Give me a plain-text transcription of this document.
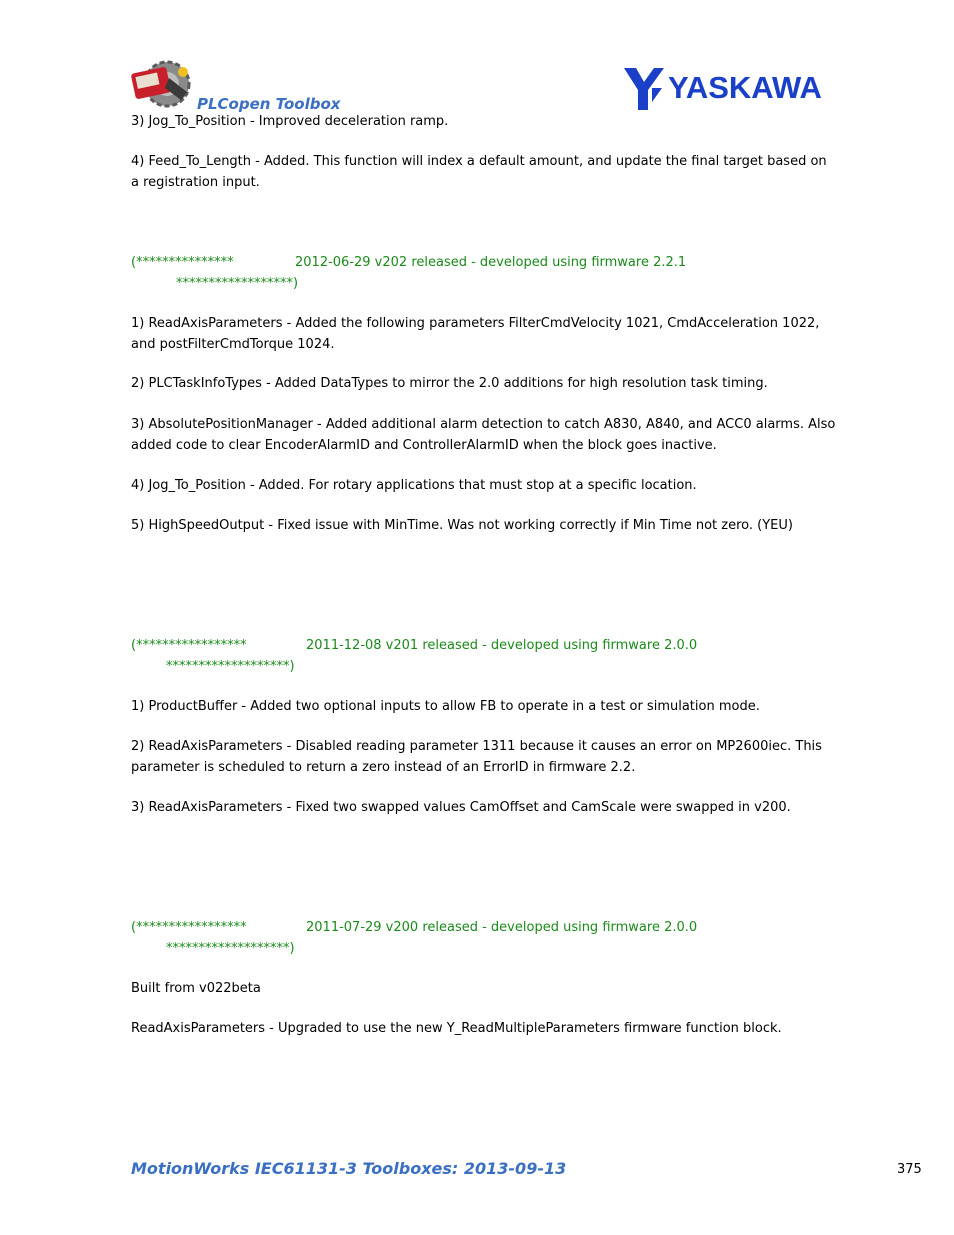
PLCopen Toolbox	YASKAWA

3) Jog_To_Position - Improved deceleration ramp.

4) Feed_To_Length - Added. This function will index a default amount, and update the final target based on a registration input.

(***************	2012-06-29 v202 released - developed using firmware 2.2.1
******************)

1) ReadAxisParameters - Added the following parameters FilterCmdVelocity 1021, CmdAcceleration 1022, and postFilterCmdTorque 1024.

2) PLCTaskInfoTypes - Added DataTypes to mirror the 2.0 additions for high resolution task timing.

3) AbsolutePositionManager - Added additional alarm detection to catch A830, A840, and ACC0 alarms. Also added code to clear EncoderAlarmID and ControllerAlarmID when the block goes inactive.

4) Jog_To_Position - Added. For rotary applications that must stop at a specific location.

5) HighSpeedOutput - Fixed issue with MinTime. Was not working correctly if Min Time not zero. (YEU)

(*****************	2011-12-08 v201 released - developed using firmware 2.0.0
*******************)

1) ProductBuffer - Added two optional inputs to allow FB to operate in a test or simulation mode.

2) ReadAxisParameters - Disabled reading parameter 1311 because it causes an error on MP2600iec. This parameter is scheduled to return a zero instead of an ErrorID in firmware 2.2.

3) ReadAxisParameters - Fixed two swapped values CamOffset and CamScale were swapped in v200.

(*****************	2011-07-29 v200 released - developed using firmware 2.0.0
*******************)

Built from v022beta

ReadAxisParameters - Upgraded to use the new Y_ReadMultipleParameters firmware function block.

MotionWorks IEC61131-3 Toolboxes: 2013-09-13	375
